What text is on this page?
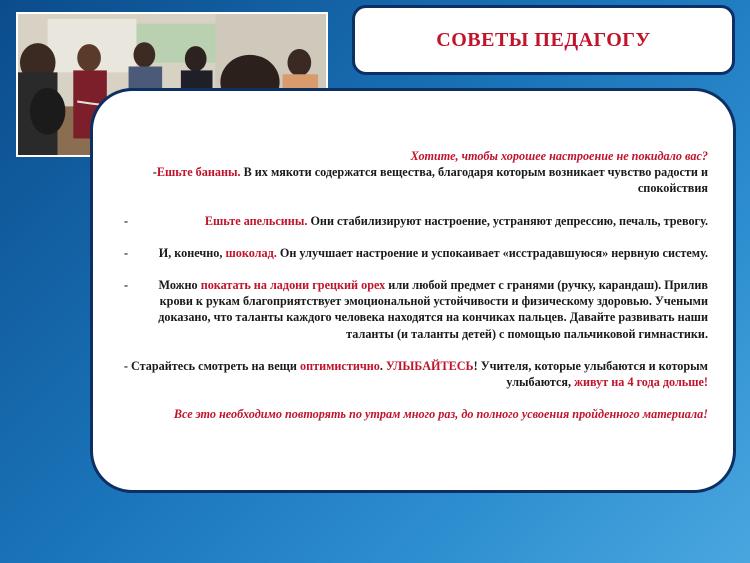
СОВЕТЫ ПЕДАГОГУ

Хотите, чтобы хорошее настроение не покидало вас?

-Ешьте бананы. В их мякоти содержатся вещества, благодаря которым возникает чувство радости и спокойствия

-	Ешьте апельсины. Они стабилизируют настроение, устраняют депрессию, печаль, тревогу.
-	И, конечно, шоколад. Он улучшает настроение и успокаивает «исстрадавшуюся» нервную систему.
-	Можно покатать на ладони грецкий орех или любой предмет с гранями (ручку, карандаш). Прилив крови к рукам благоприятствует эмоциональной устойчивости и физическому здоровью. Учеными доказано, что таланты каждого человека находятся на кончиках пальцев. Давайте развивать наши таланты (и таланты детей) с помощью пальчиковой гимнастики.

- Старайтесь смотреть на вещи оптимистично. УЛЫБАЙТЕСЬ! Учителя, которые улыбаются и которым улыбаются, живут на 4 года дольше!

Все это необходимо повторять по утрам много раз, до полного усвоения пройденного материала!
